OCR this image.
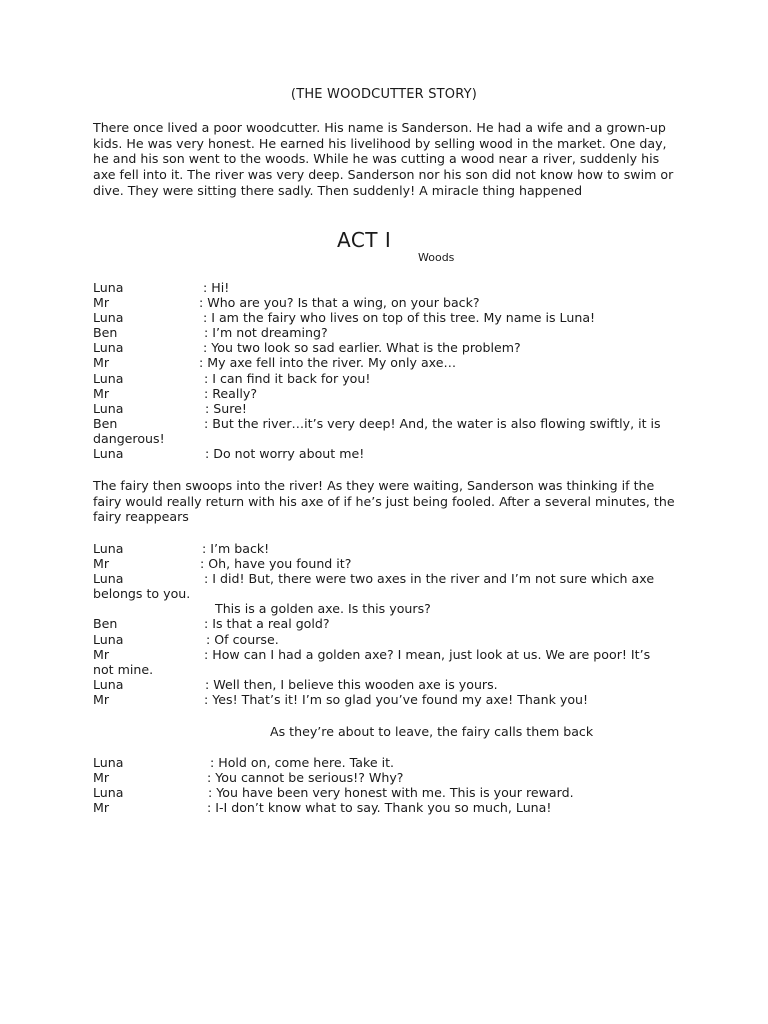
(THE WOODCUTTER STORY)

There once lived a poor woodcutter. His name is Sanderson. He had a wife and a grown-up kids. He was very honest. He earned his livelihood by selling wood in the market. One day, he and his son went to the woods. While he was cutting a wood near a river, suddenly his axe fell into it. The river was very deep. Sanderson nor his son did not know how to swim or dive. They were sitting there sadly. Then suddenly! A miracle thing happened

ACT I
Woods
Luna	: Hi!
Mr	: Who are you? Is that a wing, on your back?
Luna	: I am the fairy who lives on top of this tree. My name is Luna!
Ben	: I’m not dreaming?
Luna	: You two look so sad earlier. What is the problem?
Mr	: My axe fell into the river. My only axe…
Luna	: I can find it back for you!
Mr	: Really?
Luna	: Sure!
Ben	: But the river…it’s very deep! And, the water is also flowing swiftly, it is
dangerous!
Luna	: Do not worry about me!

The fairy then swoops into the river! As they were waiting, Sanderson was thinking if the fairy would really return with his axe of if he’s just being fooled. After a several minutes, the fairy reappears

Luna	: I’m back!
Mr	: Oh, have you found it?
Luna	: I did! But, there were two axes in the river and I’m not sure which axe
belongs to you.
This is a golden axe. Is this yours?
Ben	: Is that a real gold?
Luna	: Of course.
Mr	: How can I had a golden axe? I mean, just look at us. We are poor! It’s
not mine.
Luna	: Well then, I believe this wooden axe is yours.
Mr	: Yes! That’s it! I’m so glad you’ve found my axe! Thank you!
As they’re about to leave, the fairy calls them back
Luna	: Hold on, come here. Take it.
Mr	: You cannot be serious!? Why?
Luna	: You have been very honest with me. This is your reward.
Mr	: I-I don’t know what to say. Thank you so much, Luna!
